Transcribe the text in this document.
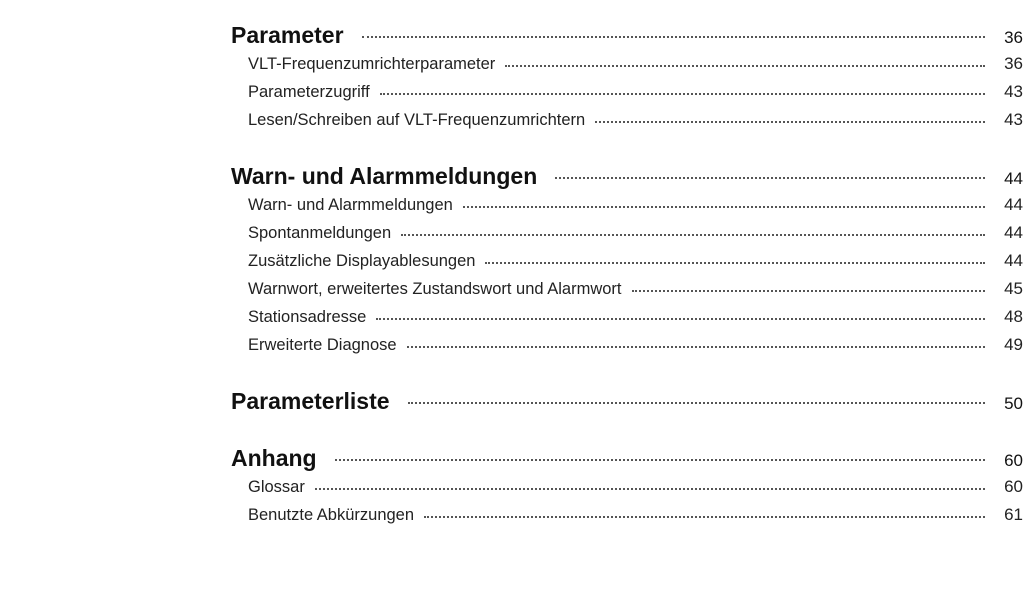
Parameter	36
VLT-Frequenzumrichterparameter	36
Parameterzugriff	43
Lesen/Schreiben auf VLT-Frequenzumrichtern	43
Warn- und Alarmmeldungen	44
Warn- und Alarmmeldungen	44
Spontanmeldungen	44
Zusätzliche Displayablesungen	44
Warnwort, erweitertes Zustandswort und Alarmwort	45
Stationsadresse	48
Erweiterte Diagnose	49
Parameterliste	50
Anhang	60
Glossar	60
Benutzte Abkürzungen	61
